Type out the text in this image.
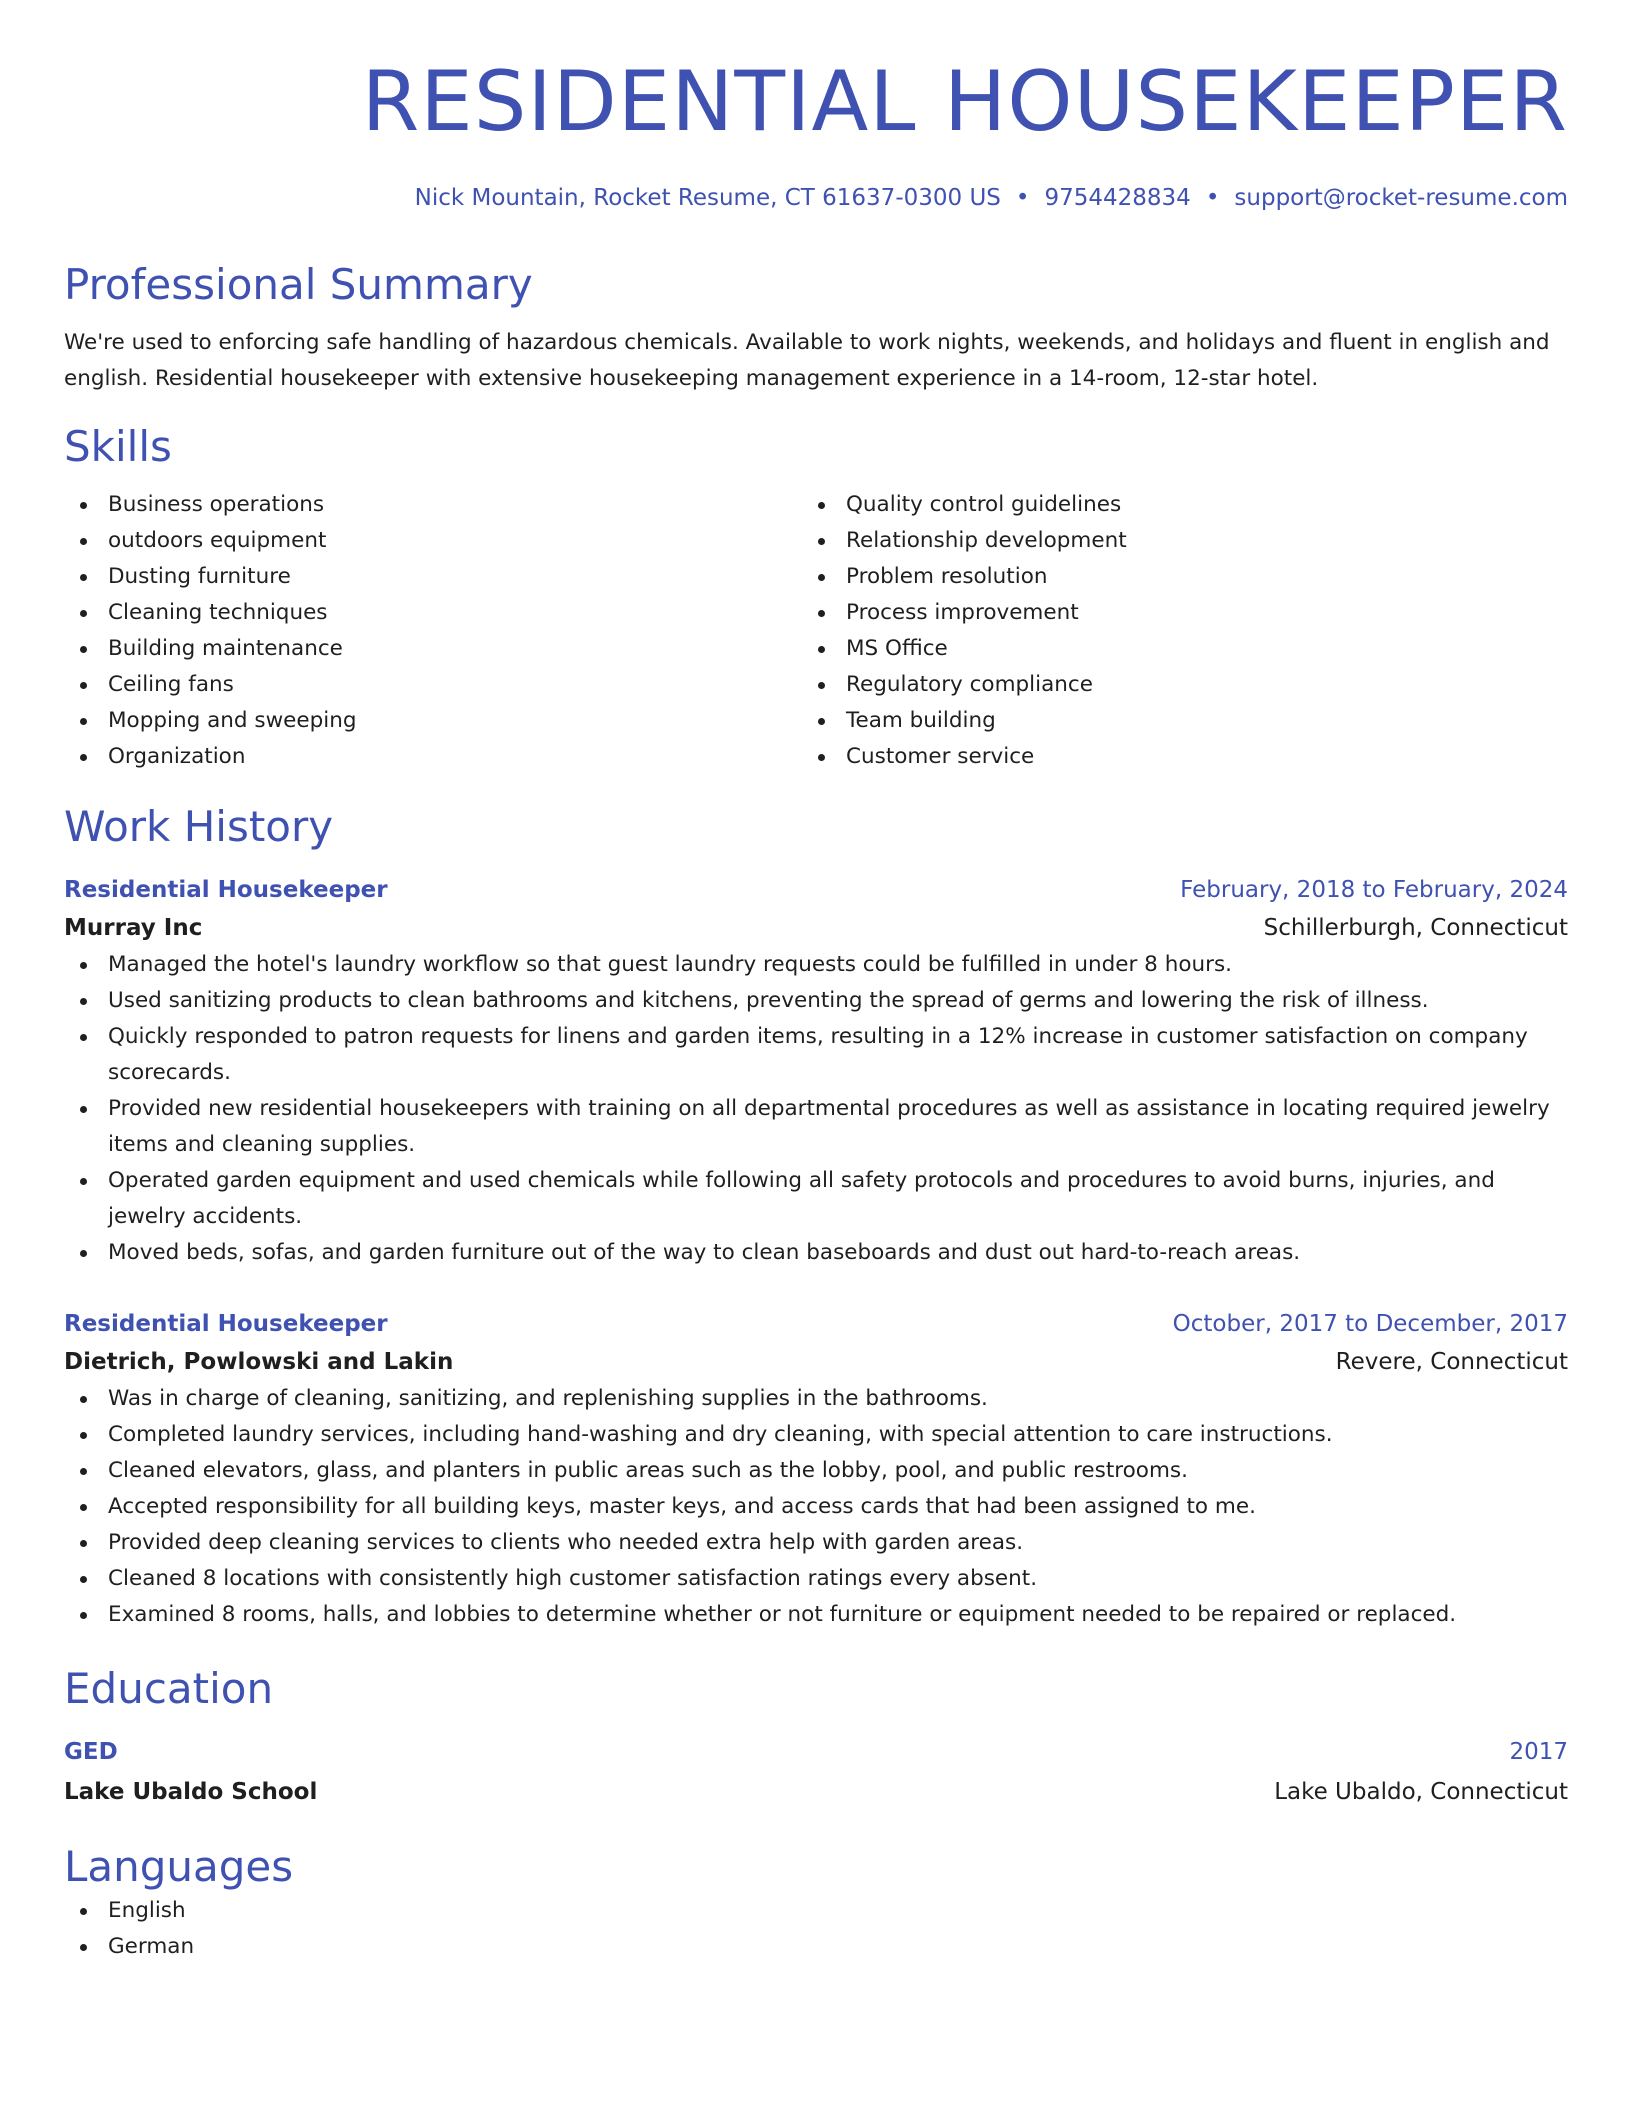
RESIDENTIAL HOUSEKEEPER
Nick Mountain, Rocket Resume, CT 61637-0300 US • 9754428834 • support@rocket-resume.com
Professional Summary
We're used to enforcing safe handling of hazardous chemicals. Available to work nights, weekends, and holidays and fluent in english and english. Residential housekeeper with extensive housekeeping management experience in a 14-room, 12-star hotel.
Skills
Business operations
outdoors equipment
Dusting furniture
Cleaning techniques
Building maintenance
Ceiling fans
Mopping and sweeping
Organization
Quality control guidelines
Relationship development
Problem resolution
Process improvement
MS Office
Regulatory compliance
Team building
Customer service
Work History
Residential Housekeeper	February, 2018 to February, 2024
Murray Inc	Schillerburgh, Connecticut
Managed the hotel's laundry workflow so that guest laundry requests could be fulfilled in under 8 hours.
Used sanitizing products to clean bathrooms and kitchens, preventing the spread of germs and lowering the risk of illness.
Quickly responded to patron requests for linens and garden items, resulting in a 12% increase in customer satisfaction on company scorecards.
Provided new residential housekeepers with training on all departmental procedures as well as assistance in locating required jewelry items and cleaning supplies.
Operated garden equipment and used chemicals while following all safety protocols and procedures to avoid burns, injuries, and jewelry accidents.
Moved beds, sofas, and garden furniture out of the way to clean baseboards and dust out hard-to-reach areas.
Residential Housekeeper	October, 2017 to December, 2017
Dietrich, Powlowski and Lakin	Revere, Connecticut
Was in charge of cleaning, sanitizing, and replenishing supplies in the bathrooms.
Completed laundry services, including hand-washing and dry cleaning, with special attention to care instructions.
Cleaned elevators, glass, and planters in public areas such as the lobby, pool, and public restrooms.
Accepted responsibility for all building keys, master keys, and access cards that had been assigned to me.
Provided deep cleaning services to clients who needed extra help with garden areas.
Cleaned 8 locations with consistently high customer satisfaction ratings every absent.
Examined 8 rooms, halls, and lobbies to determine whether or not furniture or equipment needed to be repaired or replaced.
Education
GED	2017
Lake Ubaldo School	Lake Ubaldo, Connecticut
Languages
English
German
